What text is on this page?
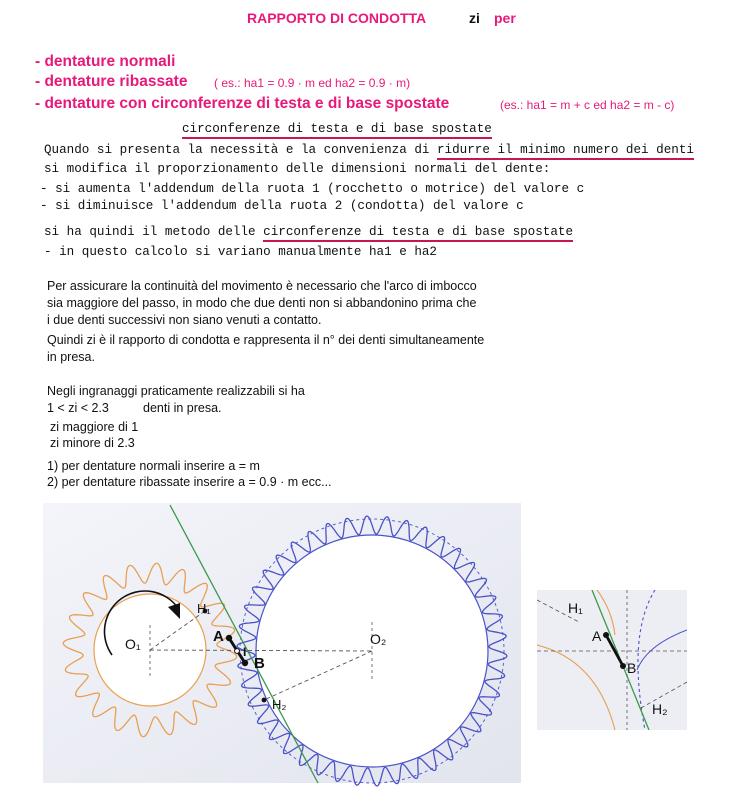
RAPPORTO DI CONDOTTA	zi per
- dentature normali
- dentature ribassate ( es.: ha1 = 0.9 · m ed ha2 = 0.9 · m)
- dentature con circonferenze di testa e di base spostate	(es.: ha1 = m + c ed ha2 = m - c)
circonferenze di testa e di base spostate
Quando si presenta la necessità e la convenienza di ridurre il minimo numero dei denti
si modifica il proporzionamento delle dimensioni normali del dente:
- si aumenta l'addendum della ruota 1 (rocchetto o motrice) del valore c
- si diminuisce l'addendum della ruota 2 (condotta) del valore c
si ha quindi il metodo delle circonferenze di testa e di base spostate
- in questo calcolo si variano manualmente ha1 e ha2
Per assicurare la continuità del movimento è necessario che l'arco di imbocco
sia maggiore del passo, in modo che due denti non si abbandonino prima che
i due denti successivi non siano venuti a contatto.
Quindi zi è il rapporto di condotta e rappresenta il n° dei denti simultaneamente
in presa.
Negli ingranaggi praticamente realizzabili si ha
1 < zi < 2.3	denti in presa.
zi maggiore di 1
zi minore di 2.3
1) per dentature normali inserire a = m
2) per dentature ribassate inserire a = 0.9 · m ecc...
O₁	O₂
H₁
H₂
A
B
I
H₁
A
B
H₂
